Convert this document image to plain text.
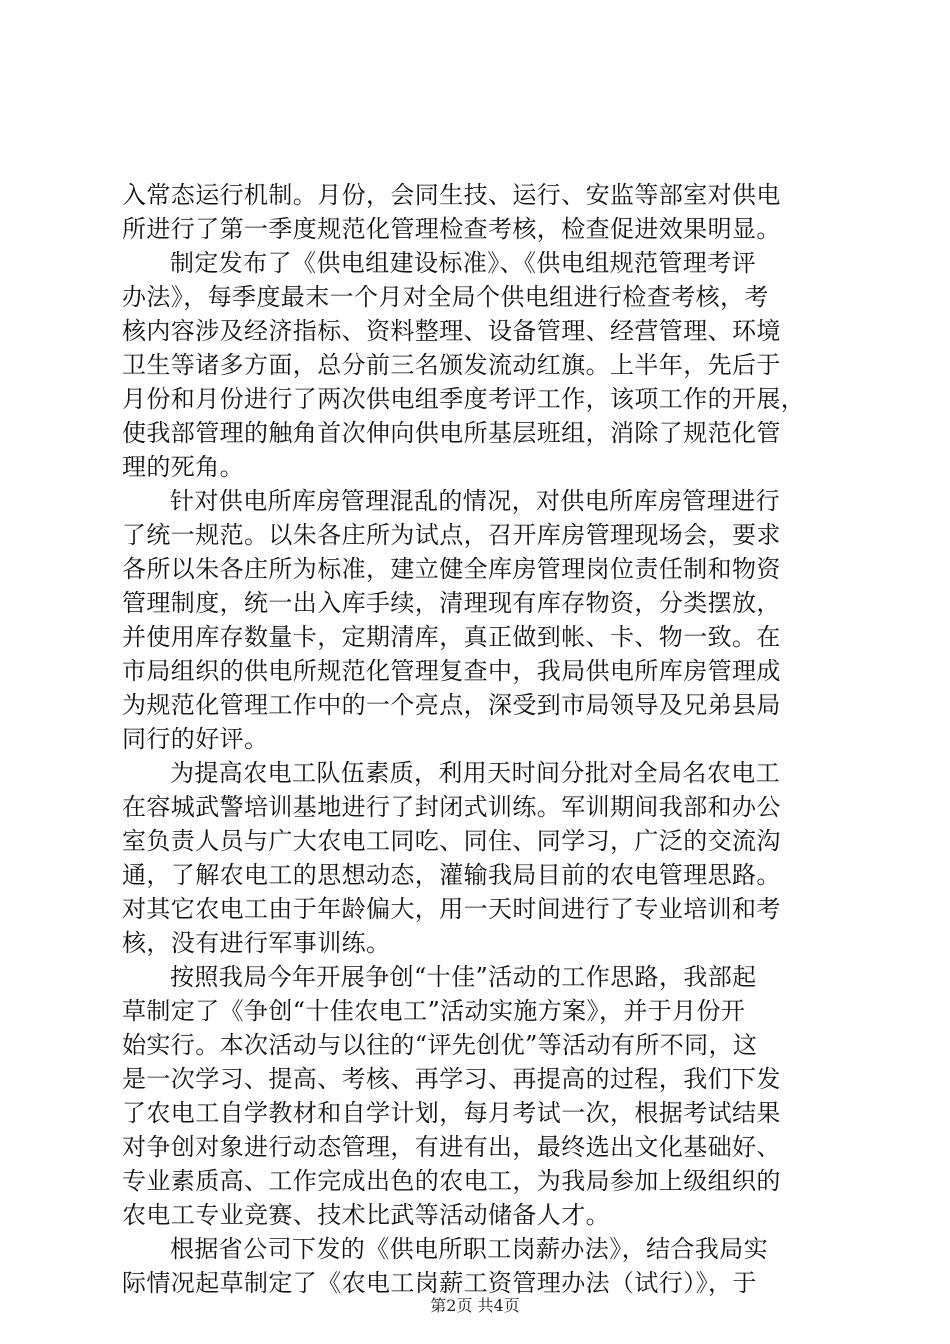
入常态运行机制。月份，会同生技、运行、安监等部室对供电
所进行了第一季度规范化管理检查考核，检查促进效果明显。
制定发布了《供电组建设标准》、《供电组规范管理考评
办法》，每季度最末一个月对全局个供电组进行检查考核，考
核内容涉及经济指标、资料整理、设备管理、经营管理、环境
卫生等诸多方面，总分前三名颁发流动红旗。上半年，先后于
月份和月份进行了两次供电组季度考评工作，该项工作的开展，
使我部管理的触角首次伸向供电所基层班组，消除了规范化管
理的死角。
针对供电所库房管理混乱的情况，对供电所库房管理进行
了统一规范。以朱各庄所为试点，召开库房管理现场会，要求
各所以朱各庄所为标准，建立健全库房管理岗位责任制和物资
管理制度，统一出入库手续，清理现有库存物资，分类摆放，
并使用库存数量卡，定期清库，真正做到帐、卡、物一致。在
市局组织的供电所规范化管理复查中，我局供电所库房管理成
为规范化管理工作中的一个亮点，深受到市局领导及兄弟县局
同行的好评。
为提高农电工队伍素质，利用天时间分批对全局名农电工
在容城武警培训基地进行了封闭式训练。军训期间我部和办公
室负责人员与广大农电工同吃、同住、同学习，广泛的交流沟
通，了解农电工的思想动态，灌输我局目前的农电管理思路。
对其它农电工由于年龄偏大，用一天时间进行了专业培训和考
核，没有进行军事训练。
按照我局今年开展争创“十佳”活动的工作思路，我部起
草制定了《争创“十佳农电工”活动实施方案》，并于月份开
始实行。本次活动与以往的“评先创优”等活动有所不同，这
是一次学习、提高、考核、再学习、再提高的过程，我们下发
了农电工自学教材和自学计划，每月考试一次，根据考试结果
对争创对象进行动态管理，有进有出，最终选出文化基础好、
专业素质高、工作完成出色的农电工，为我局参加上级组织的
农电工专业竞赛、技术比武等活动储备人才。
根据省公司下发的《供电所职工岗薪办法》，结合我局实
际情况起草制定了《农电工岗薪工资管理办法（试行）》，于
第2页 共4页
